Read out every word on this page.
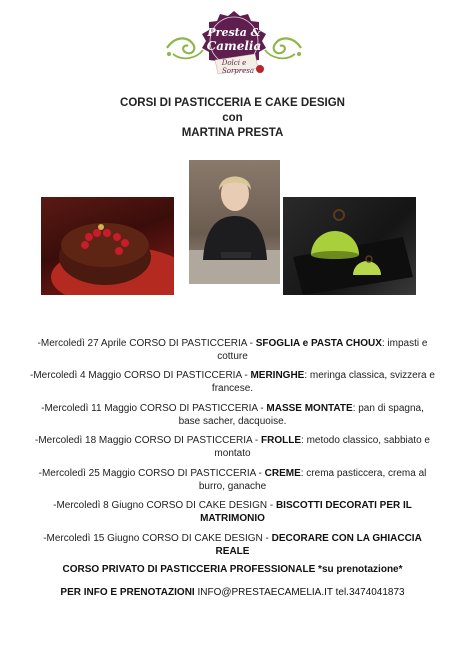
Presta &
Camelia
Dolci e
Sorpresa
CORSI DI PASTICCERIA E CAKE DESIGN
con
MARTINA PRESTA
-Mercoledì 27 Aprile CORSO DI PASTICCERIA - SFOGLIA e PASTA CHOUX: impasti e cotture
-Mercoledì 4 Maggio CORSO DI PASTICCERIA - MERINGHE: meringa classica, svizzera e francese.
-Mercoledì 11 Maggio CORSO DI PASTICCERIA - MASSE MONTATE: pan di spagna, base sacher, dacquoise.
-Mercoledì 18 Maggio CORSO DI PASTICCERIA - FROLLE: metodo classico, sabbiato e montato
-Mercoledì 25 Maggio CORSO DI PASTICCERIA - CREME: crema pasticcera, crema al burro, ganache
-Mercoledì 8 Giugno CORSO DI CAKE DESIGN - BISCOTTI DECORATI PER IL MATRIMONIO
-Mercoledì 15 Giugno CORSO DI CAKE DESIGN - DECORARE CON LA GHIACCIA REALE
CORSO PRIVATO DI PASTICCERIA PROFESSIONALE *su prenotazione*
PER INFO E PRENOTAZIONI INFO@PRESTAECAMELIA.IT tel.3474041873
